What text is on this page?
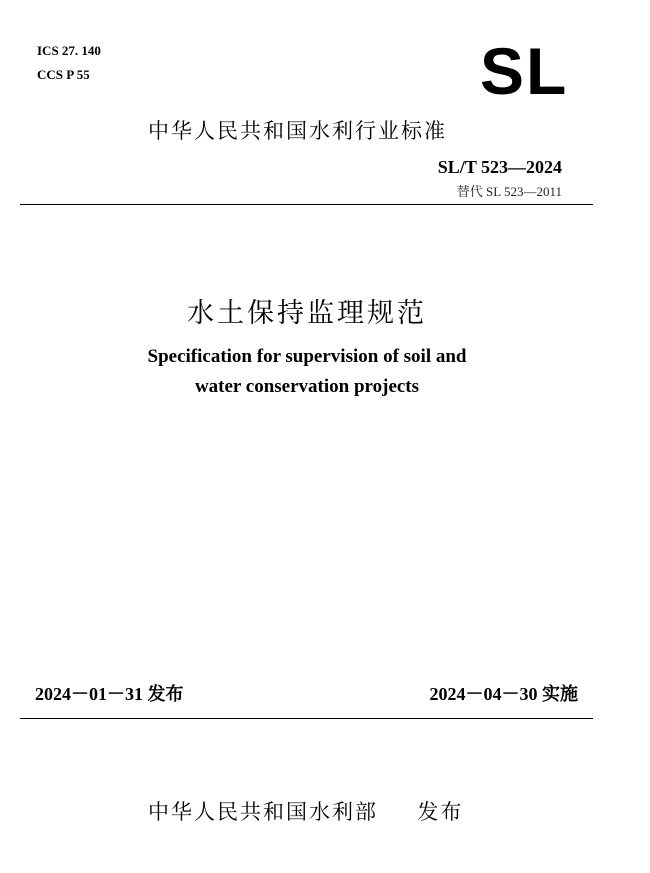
ICS 27. 140
CCS P 55	SL
中华人民共和国水利行业标准
SL/T 523—2024
替代 SL 523—2011
水土保持监理规范
Specification for supervision of soil and
water conservation projects
2024－01－31 发布	2024－04－30 实施
中华人民共和国水利部 发布
